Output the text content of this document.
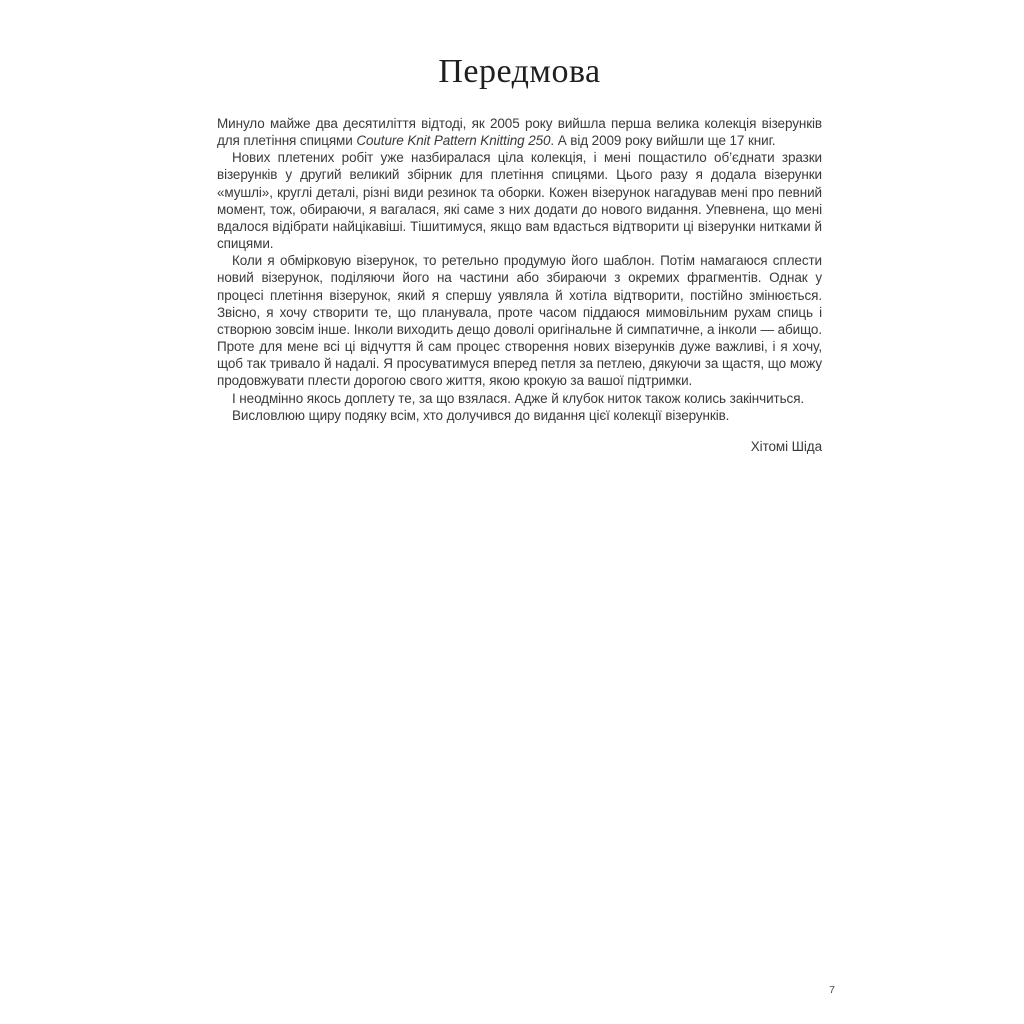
Передмова

Минуло майже два десятиліття відтоді, як 2005 року вийшла перша велика колекція візерунків для плетіння спицями Couture Knit Pattern Knitting 250. А від 2009 року вийшли ще 17 книг.

Нових плетених робіт уже назбиралася ціла колекція, і мені пощастило об’єднати зразки візерунків у другий великий збірник для плетіння спицями. Цього разу я додала візерунки «мушлі», круглі деталі, різні види резинок та оборки. Кожен візерунок нагадував мені про певний момент, тож, обираючи, я вагалася, які саме з них додати до нового видання. Упевнена, що мені вдалося відібрати найцікавіші. Тішитимуся, якщо вам вдасться відтворити ці візерунки нитками й спицями.

Коли я обмірковую візерунок, то ретельно продумую його шаблон. Потім намагаюся сплести новий візерунок, поділяючи його на частини або збираючи з окремих фрагментів. Однак у процесі плетіння візерунок, який я спершу уявляла й хотіла відтворити, постійно змінюється. Звісно, я хочу створити те, що планувала, проте часом піддаюся мимовільним рухам спиць і створюю зовсім інше. Інколи виходить дещо доволі оригінальне й симпатичне, а інколи — абищо. Проте для мене всі ці відчуття й сам процес створення нових візерунків дуже важливі, і я хочу, щоб так тривало й надалі. Я просуватимуся вперед петля за петлею, дякуючи за щастя, що можу продовжувати плести дорогою свого життя, якою крокую за вашої підтримки.

І неодмінно якось доплету те, за що взялася. Адже й клубок ниток також колись закінчиться.

Висловлюю щиру подяку всім, хто долучився до видання цієї колекції візерунків.

Хітомі Шіда
7
